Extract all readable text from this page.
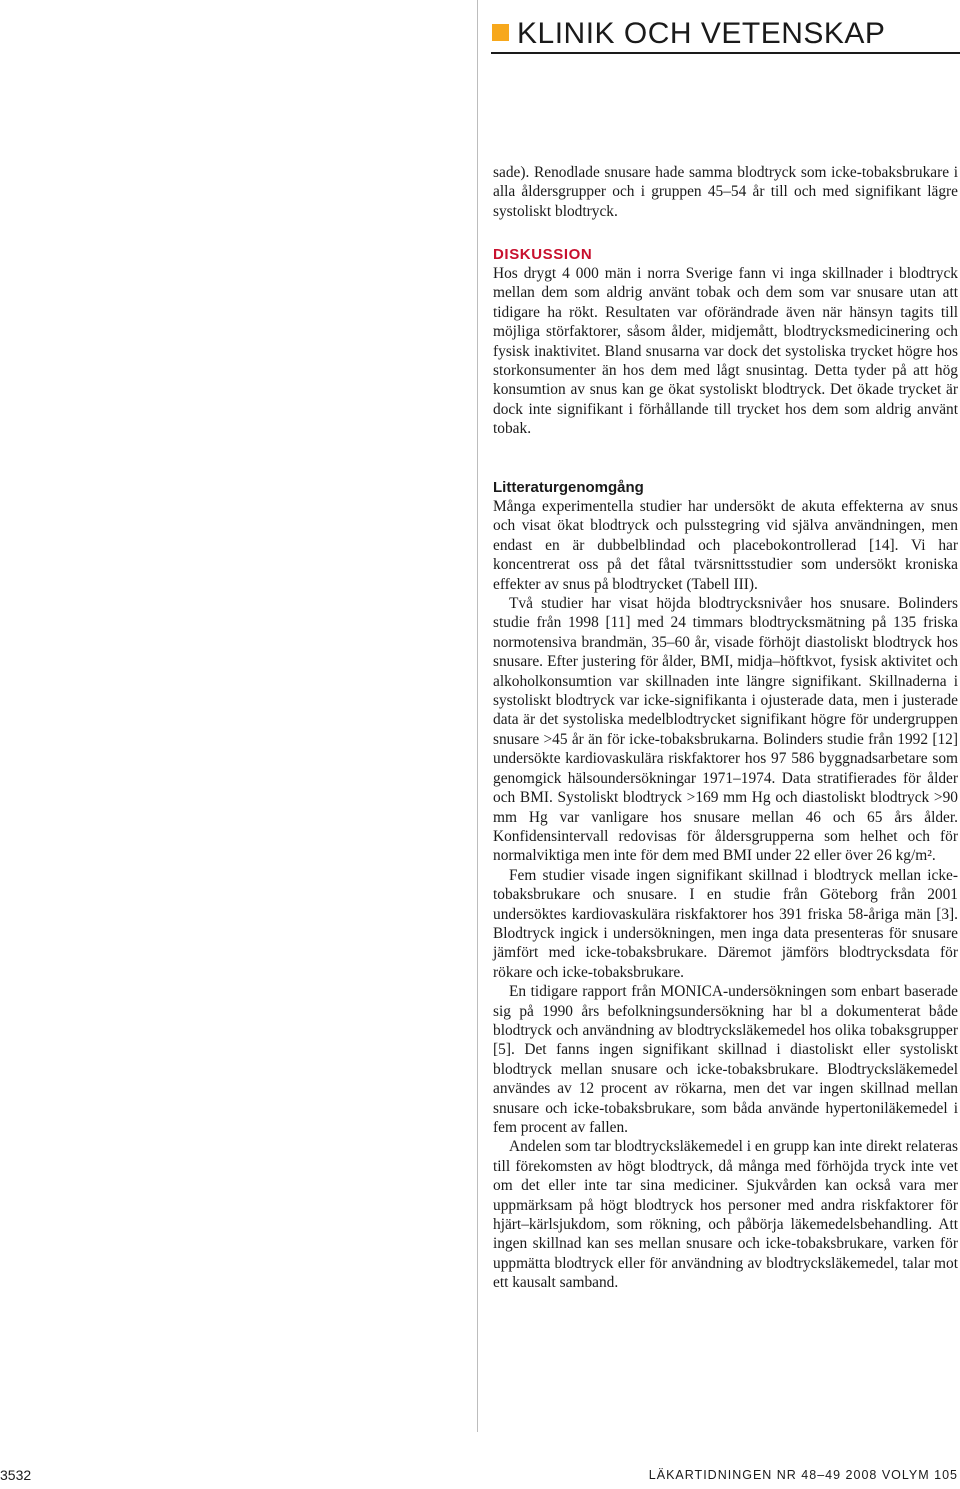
KLINIK OCH VETENSKAP

sade). Renodlade snusare hade samma blodtryck som icke-tobaksbrukare i alla åldersgrupper och i gruppen 45–54 år till och med signifikant lägre systoliskt blodtryck.

DISKUSSION

Hos drygt 4 000 män i norra Sverige fann vi inga skillnader i blodtryck mellan dem som aldrig använt tobak och dem som var snusare utan att tidigare ha rökt. Resultaten var oförändrade även när hänsyn tagits till möjliga störfaktorer, såsom ålder, midjemått, blodtrycksmedicinering och fysisk inaktivitet. Bland snusarna var dock det systoliska trycket högre hos storkonsumenter än hos dem med lågt snusintag. Detta tyder på att hög konsumtion av snus kan ge ökat systoliskt blodtryck. Det ökade trycket är dock inte signifikant i förhållande till trycket hos dem som aldrig använt tobak.

Litteraturgenomgång

Många experimentella studier har undersökt de akuta effekterna av snus och visat ökat blodtryck och pulsstegring vid själva användningen, men endast en är dubbelblindad och placebokontrollerad [14]. Vi har koncentrerat oss på det fåtal tvärsnittsstudier som undersökt kroniska effekter av snus på blodtrycket (Tabell III).

Två studier har visat höjda blodtrycksnivåer hos snusare. Bolinders studie från 1998 [11] med 24 timmars blodtrycksmätning på 135 friska normotensiva brandmän, 35–60 år, visade förhöjt diastoliskt blodtryck hos snusare. Efter justering för ålder, BMI, midja–höftkvot, fysisk aktivitet och alkoholkonsumtion var skillnaden inte längre signifikant. Skillnaderna i systoliskt blodtryck var icke-signifikanta i ojusterade data, men i justerade data är det systoliska medelblodtrycket signifikant högre för undergruppen snusare >45 år än för icke-tobaksbrukarna. Bolinders studie från 1992 [12] undersökte kardiovaskulära riskfaktorer hos 97 586 byggnadsarbetare som genomgick hälsoundersökningar 1971–1974. Data stratifierades för ålder och BMI. Systoliskt blodtryck >169 mm Hg och diastoliskt blodtryck >90 mm Hg var vanligare hos snusare mellan 46 och 65 års ålder. Konfidensintervall redovisas för åldersgrupperna som helhet och för normalviktiga men inte för dem med BMI under 22 eller över 26 kg/m².

Fem studier visade ingen signifikant skillnad i blodtryck mellan icke-tobaksbrukare och snusare. I en studie från Göteborg från 2001 undersöktes kardiovaskulära riskfaktorer hos 391 friska 58-åriga män [3]. Blodtryck ingick i undersökningen, men inga data presenteras för snusare jämfört med icke-tobaksbrukare. Däremot jämförs blodtrycksdata för rökare och icke-tobaksbrukare.

En tidigare rapport från MONICA-undersökningen som enbart baserade sig på 1990 års befolkningsundersökning har bl a dokumenterat både blodtryck och användning av blodtrycksläkemedel hos olika tobaksgrupper [5]. Det fanns ingen signifikant skillnad i diastoliskt eller systoliskt blodtryck mellan snusare och icke-tobaksbrukare. Blodtrycksläkemedel användes av 12 procent av rökarna, men det var ingen skillnad mellan snusare och icke-tobaksbrukare, som båda använde hypertoniläkemedel i fem procent av fallen.

Andelen som tar blodtrycksläkemedel i en grupp kan inte direkt relateras till förekomsten av högt blodtryck, då många med förhöjda tryck inte vet om det eller inte tar sina mediciner. Sjukvården kan också vara mer uppmärksam på högt blodtryck hos personer med andra riskfaktorer för hjärt–kärlsjukdom, som rökning, och påbörja läkemedelsbehandling. Att ingen skillnad kan ses mellan snusare och icke-tobaksbrukare, varken för uppmätta blodtryck eller för användning av blodtrycksläkemedel, talar mot ett kausalt samband.

3532	LÄKARTIDNINGEN NR 48–49 2008 VOLYM 105
